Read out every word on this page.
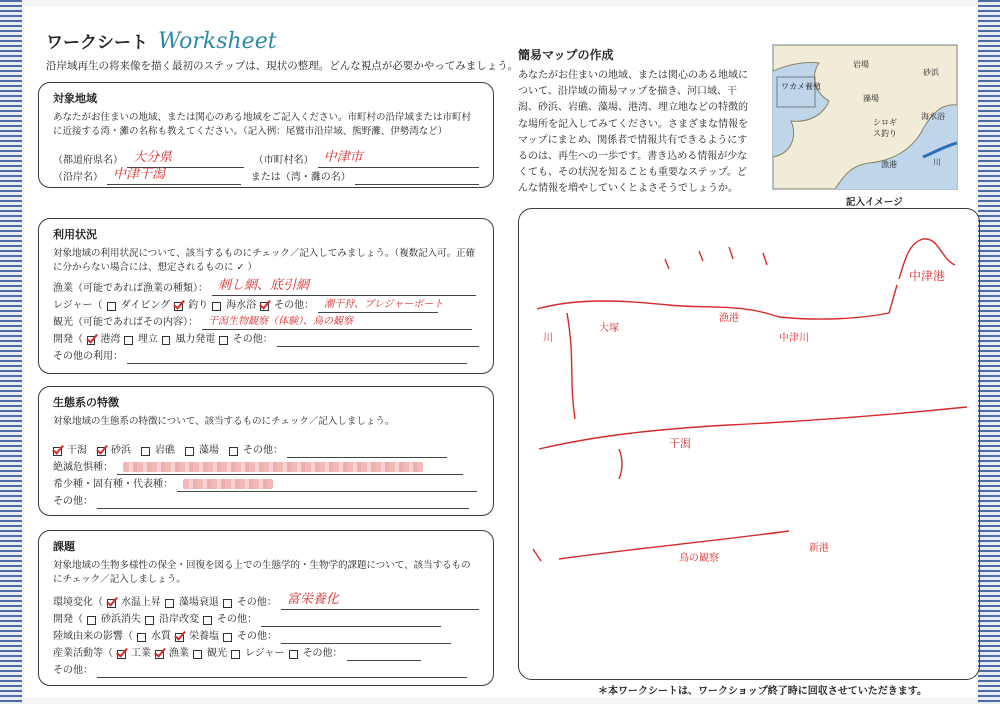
ワークシート Worksheet
沿岸域再生の将来像を描く最初のステップは、現状の整理。どんな視点が必要かやってみましょう。
対象地域
あなたがお住まいの地域、または関心のある地域をご記入ください。市町村の沿岸域または市町村に近接する湾・灘の名称も教えてください。（記入例：尾鷲市沿岸域、熊野灘、伊勢湾など）
（都道府県名） 大分県	（市町村名） 中津市
（沿岸名） 中津干潟	または（湾・灘の名）
利用状況
対象地域の利用状況について、該当するものにチェック／記入してみましょう。（複数記入可。正確に分からない場合には、想定されるものに ✓ ）
漁業（可能であれば漁業の種類）： 刺し網、底引網
レジャー（ ダイビング 釣り 海水浴 その他： 潮干狩、プレジャーボート
観光（可能であればその内容）： 干潟生物観察（体験）、鳥の観察
開発（ 港湾 埋立 風力発電 その他：
その他の利用：
生態系の特徴
対象地域の生態系の特徴について、該当するものにチェック／記入しましょう。
干潟 砂浜 岩礁 藻場 その他：
絶滅危惧種：
希少種・固有種・代表種：
その他：
課題
対象地域の生物多様性の保全・回復を図る上での生態学的・生物学的課題について、該当するものにチェック／記入しましょう。
環境変化（ 水温上昇 藻場衰退 その他： 富栄養化
開発（ 砂浜消失 沿岸改変 その他：
陸域由来の影響（ 水質 栄養塩 その他：
産業活動等（ 工業 漁業 観光 レジャー その他：
その他：
簡易マップの作成
あなたがお住まいの地域、または関心のある地域について、沿岸域の簡易マップを描き、河口域、干潟、砂浜、岩礁、藻場、港湾、埋立地などの特徴的な場所を記入してみてください。さまざまな情報をマップにまとめ、関係者で情報共有できるようにするのは、再生への一歩です。書き込める情報が少なくても、その状況を知ることも重要なステップ。どんな情報を増やしていくとよさそうでしょうか。
ワカメ養殖
岩場
藻場
砂浜
海水浴
シロギス釣り
漁港	川
記入イメージ
中津港
干潟
中津川
鳥の観察
大塚
新港
漁港
川
＊本ワークシートは、ワークショップ終了時に回収させていただきます。
